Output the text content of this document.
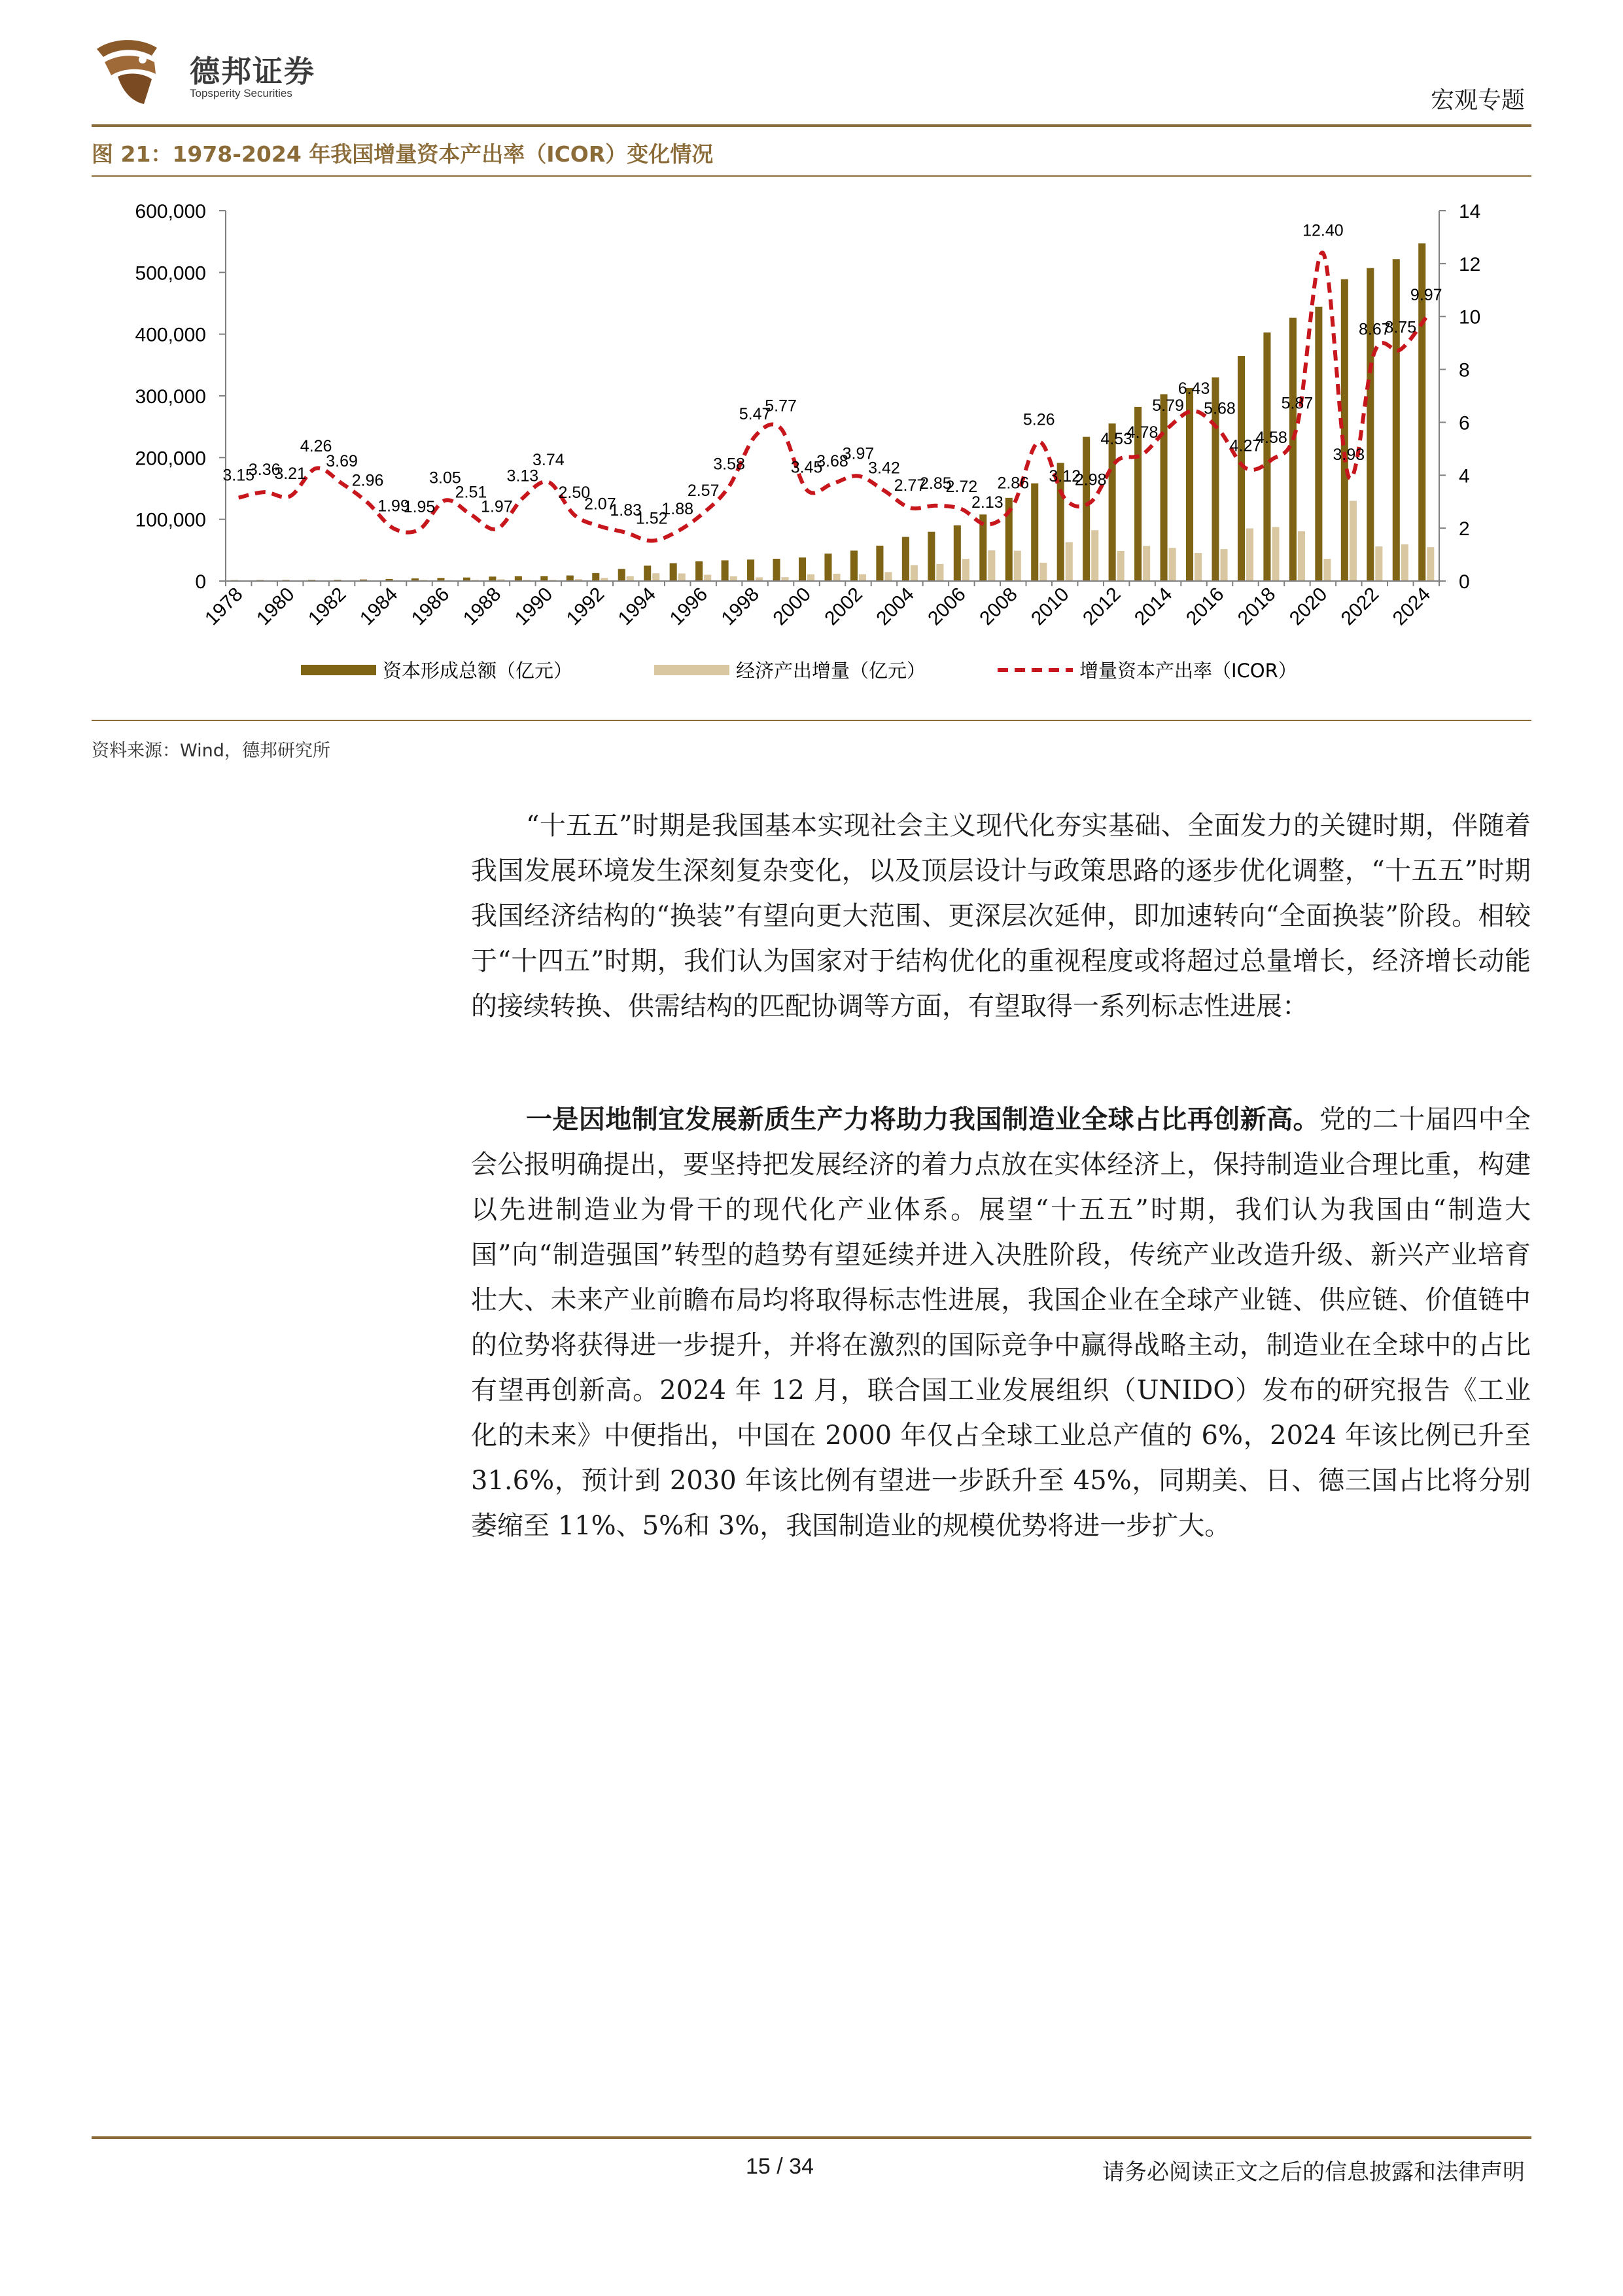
德邦证券
Topsperity Securities	宏观专题
图 21：1978-2024 年我国增量资本产出率（ICOR）变化情况
0
100,000
200,000
300,000
400,000
500,000
600,000
0
2
4
6
8
10
12
14
3.15
3.36
3.21
4.26
3.69
2.96
1.99
1.95
3.05
2.51
1.97
3.13
3.74
2.50
2.07
1.83
1.52
1.88
2.57
3.58
5.47
5.77
3.45
3.68
3.97
3.42
2.77
2.85
2.72
2.13
2.86
5.26
3.12
2.98
4.53
4.78
5.79
6.43
5.68
4.27
4.58
5.87
12.40
3.93
8.67
8.75
9.97
1978 1980 1982 1984 1986 1988 1990 1992 1994 1996 1998 2000 2002 2004 2006 2008 2010 2012 2014 2016 2018 2020 2022 2024
资本形成总额（亿元）	经济产出增量（亿元）	增量资本产出率（ICOR）
资料来源：Wind，德邦研究所

“十五五”时期是我国基本实现社会主义现代化夯实基础、全面发力的关键时期，伴随着我国发展环境发生深刻复杂变化，以及顶层设计与政策思路的逐步优化调整，“十五五”时期我国经济结构的“换装”有望向更大范围、更深层次延伸，即加速转向“全面换装”阶段。相较于“十四五”时期，我们认为国家对于结构优化的重视程度或将超过总量增长，经济增长动能的接续转换、供需结构的匹配协调等方面，有望取得一系列标志性进展：

一是因地制宜发展新质生产力将助力我国制造业全球占比再创新高。党的二十届四中全会公报明确提出，要坚持把发展经济的着力点放在实体经济上，保持制造业合理比重，构建以先进制造业为骨干的现代化产业体系。展望“十五五”时期，我们认为我国由“制造大国”向“制造强国”转型的趋势有望延续并进入决胜阶段，传统产业改造升级、新兴产业培育壮大、未来产业前瞻布局均将取得标志性进展，我国企业在全球产业链、供应链、价值链中的位势将获得进一步提升，并将在激烈的国际竞争中赢得战略主动，制造业在全球中的占比有望再创新高。2024 年 12 月，联合国工业发展组织（UNIDO）发布的研究报告《工业化的未来》中便指出，中国在 2000 年仅占全球工业总产值的 6%，2024 年该比例已升至 31.6%，预计到 2030 年该比例有望进一步跃升至 45%，同期美、日、德三国占比将分别萎缩至 11%、5%和 3%，我国制造业的规模优势将进一步扩大。

15 / 34	请务必阅读正文之后的信息披露和法律声明
